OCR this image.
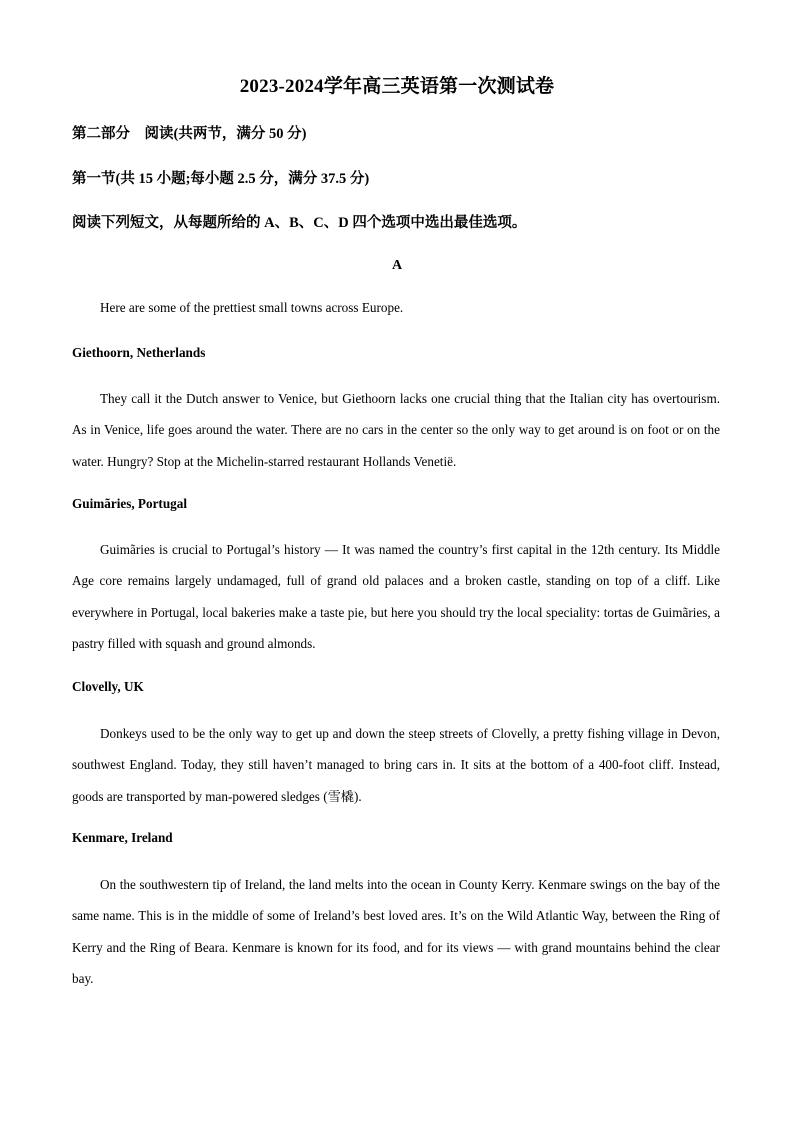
2023-2024学年高三英语第一次测试卷
第二部分　阅读(共两节，满分 50 分)
第一节(共 15 小题;每小题 2.5 分，满分 37.5 分)
阅读下列短文，从每题所给的 A、B、C、D 四个选项中选出最佳选项。
A
Here are some of the prettiest small towns across Europe.
Giethoorn, Netherlands

They call it the Dutch answer to Venice, but Giethoorn lacks one crucial thing that the Italian city has overtourism. As in Venice, life goes around the water. There are no cars in the center so the only way to get around is on foot or on the water. Hungry? Stop at the Michelin-starred restaurant Hollands Venetië.

Guimãries, Portugal

Guimãries is crucial to Portugal’s history — It was named the country’s first capital in the 12th century. Its Middle Age core remains largely undamaged, full of grand old palaces and a broken castle, standing on top of a cliff. Like everywhere in Portugal, local bakeries make a taste pie, but here you should try the local speciality: tortas de Guimãries, a pastry filled with squash and ground almonds.

Clovelly, UK

Donkeys used to be the only way to get up and down the steep streets of Clovelly, a pretty fishing village in Devon, southwest England. Today, they still haven’t managed to bring cars in. It sits at the bottom of a 400-foot cliff. Instead, goods are transported by man-powered sledges (雪橇).

Kenmare, Ireland

On the southwestern tip of Ireland, the land melts into the ocean in County Kerry. Kenmare swings on the bay of the same name. This is in the middle of some of Ireland’s best loved ares. It’s on the Wild Atlantic Way, between the Ring of Kerry and the Ring of Beara. Kenmare is known for its food, and for its views — with grand mountains behind the clear bay.
